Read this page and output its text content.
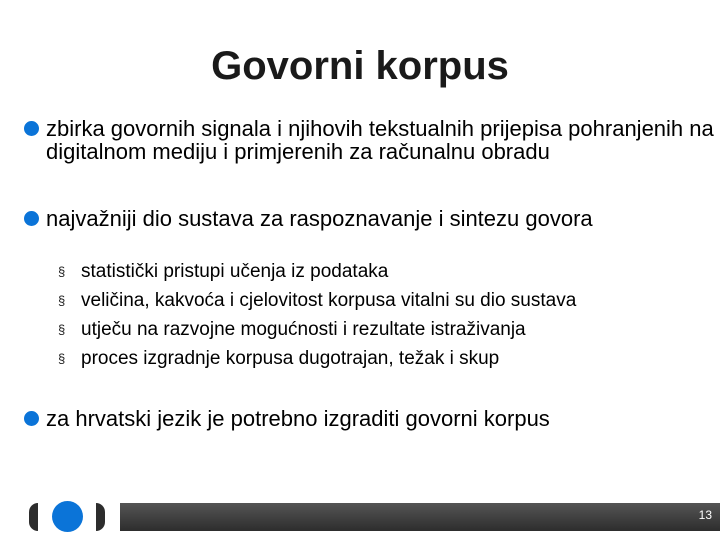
Govorni korpus
zbirka govornih signala i njihovih tekstualnih prijepisa pohranjenih na digitalnom mediju i primjerenih za računalnu obradu
najvažniji dio sustava za raspoznavanje i sintezu govora
§ statistički pristupi učenja iz podataka
§ veličina, kakvoća i cjelovitost korpusa vitalni su dio sustava
§ utječu na razvojne mogućnosti i rezultate istraživanja
§ proces izgradnje korpusa dugotrajan, težak i skup
za hrvatski jezik je potrebno izgraditi govorni korpus
13
